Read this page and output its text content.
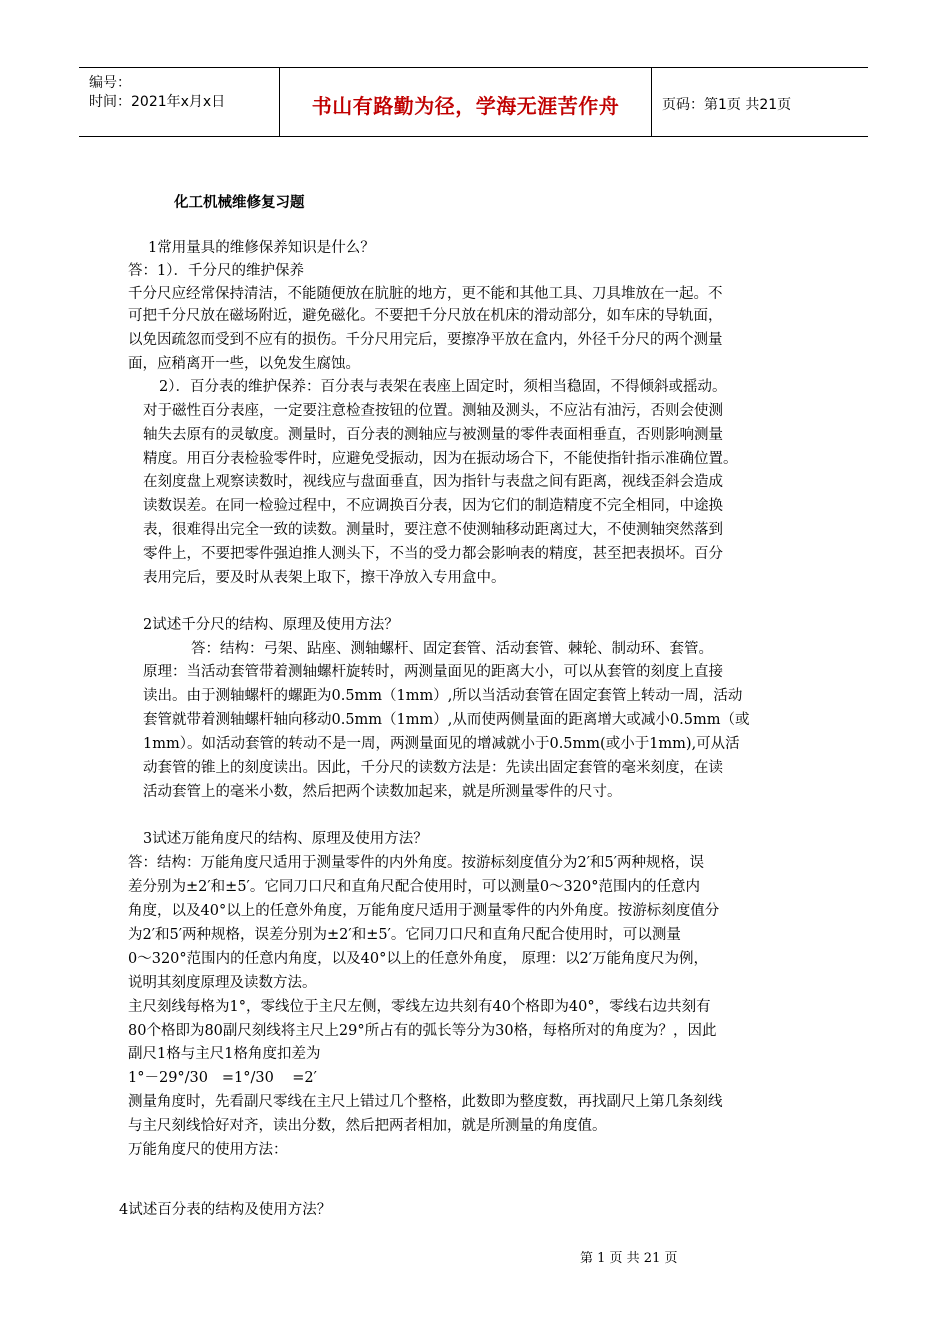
编号：
时间：2021年x月x日	书山有路勤为径，学海无涯苦作舟	页码：第1页 共21页
化工机械维修复习题
1常用量具的维修保养知识是什么？
答：1）．千分尺的维护保养
千分尺应经常保持清洁，不能随便放在肮脏的地方，更不能和其他工具、刀具堆放在一起。不
可把千分尺放在磁场附近，避免磁化。不要把千分尺放在机床的滑动部分，如车床的导轨面，
以免因疏忽而受到不应有的损伤。千分尺用完后，要擦净平放在盒内，外径千分尺的两个测量
面，应稍离开一些，以免发生腐蚀。
2）．百分表的维护保养：百分表与表架在表座上固定时，须相当稳固，不得倾斜或摇动。
对于磁性百分表座，一定要注意检查按钮的位置。测轴及测头，不应沾有油污，否则会使测
轴失去原有的灵敏度。测量时，百分表的测轴应与被测量的零件表面相垂直，否则影响测量
精度。用百分表检验零件时，应避免受振动，因为在振动场合下，不能使指针指示准确位置。
在刻度盘上观察读数时，视线应与盘面垂直，因为指针与表盘之间有距离，视线歪斜会造成
读数误差。在同一检验过程中，不应调换百分表，因为它们的制造精度不完全相同，中途换
表，很难得出完全一致的读数。测量时，要注意不使测轴移动距离过大，不使测轴突然落到
零件上，不要把零件强迫推人测头下，不当的受力都会影响表的精度，甚至把表损坏。百分
表用完后，要及时从表架上取下，擦干净放入专用盒中。
2试述千分尺的结构、原理及使用方法？
答：结构：弓架、跕座、测轴螺杆、固定套管、活动套管、棘轮、制动环、套管。
原理：当活动套管带着测轴螺杆旋转时，两测量面见的距离大小，可以从套管的刻度上直接
读出。由于测轴螺杆的螺距为0.5mm（1mm）,所以当活动套管在固定套管上转动一周，活动
套管就带着测轴螺杆轴向移动0.5mm（1mm）,从而使两侧量面的距离增大或减小0.5mm（或
1mm）。如活动套管的转动不是一周，两测量面见的增减就小于0.5mm(或小于1mm),可从活
动套管的锥上的刻度读出。因此，千分尺的读数方法是：先读出固定套管的毫米刻度，在读
活动套管上的毫米小数，然后把两个读数加起来，就是所测量零件的尺寸。
3试述万能角度尺的结构、原理及使用方法？
答：结构：万能角度尺适用于测量零件的内外角度。按游标刻度值分为2′和5′两种规格，误
差分别为±2′和±5′。它同刀口尺和直角尺配合使用时，可以测量0～320°范围内的任意内
角度，以及40°以上的任意外角度，万能角度尺适用于测量零件的内外角度。按游标刻度值分
为2′和5′两种规格，误差分别为±2′和±5′。它同刀口尺和直角尺配合使用时，可以测量
0～320°范围内的任意内角度，以及40°以上的任意外角度， 原理：以2′万能角度尺为例，
说明其刻度原理及读数方法。
主尺刻线每格为1°，零线位于主尺左侧，零线左边共刻有40个格即为40°，零线右边共刻有
80个格即为80副尺刻线将主尺上29°所占有的弧长等分为30格，每格所对的角度为？，因此
副尺1格与主尺1格角度扣差为
1°－29°/30   =1°/30    =2′
测量角度时，先看副尺零线在主尺上错过几个整格，此数即为整度数，再找副尺上第几条刻线
与主尺刻线恰好对齐，读出分数，然后把两者相加，就是所测量的角度值。
万能角度尺的使用方法：
4试述百分表的结构及使用方法？
第 1 页 共 21 页
